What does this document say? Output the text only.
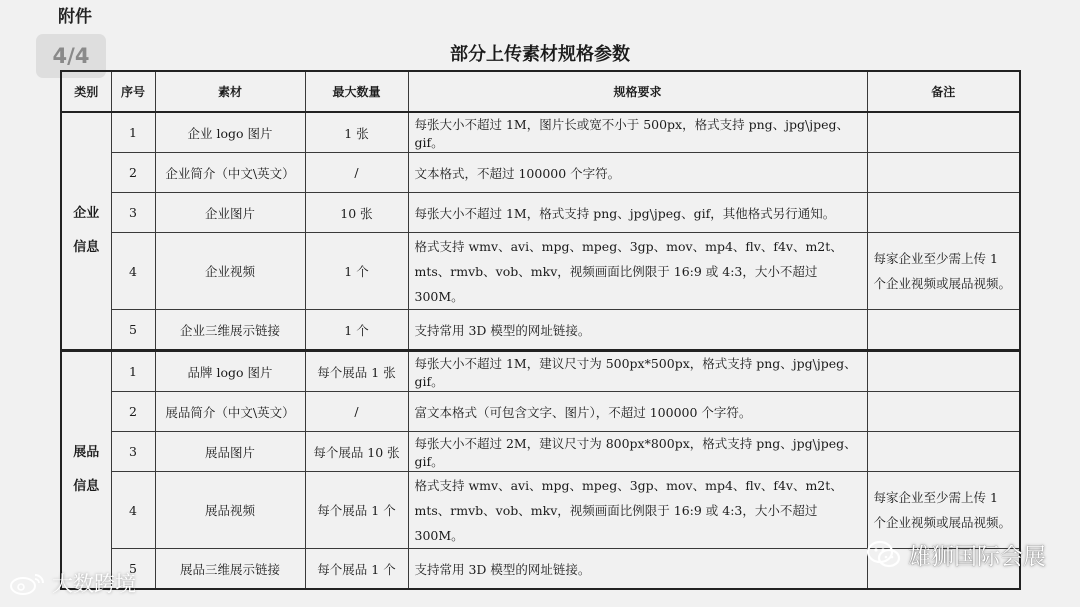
附件
4/4	部分上传素材规格参数
类别	序号	素材	最大数量	规格要求	备注

企业
信息	1	企业 logo 图片	1 张	每张大小不超过 1M，图片长或宽不小于 500px，格式支持 png、jpg\jpeg、gif。	
	2	企业简介（中文\英文）	/	文本格式，不超过 100000 个字符。	
	3	企业图片	10 张	每张大小不超过 1M，格式支持 png、jpg\jpeg、gif，其他格式另行通知。	
	4	企业视频	1 个	格式支持 wmv、avi、mpg、mpeg、3gp、mov、mp4、flv、f4v、m2t、mts、rmvb、vob、mkv，视频画面比例限于 16:9 或 4:3，大小不超过 300M。	每家企业至少需上传 1 个企业视频或展品视频。
	5	企业三维展示链接	1 个	支持常用 3D 模型的网址链接。	

展品
信息	1	品牌 logo 图片	每个展品 1 张	每张大小不超过 1M，建议尺寸为 500px*500px，格式支持 png、jpg\jpeg、gif。	
	2	展品简介（中文\英文）	/	富文本格式（可包含文字、图片），不超过 100000 个字符。	
	3	展品图片	每个展品 10 张	每张大小不超过 2M，建议尺寸为 800px*800px，格式支持 png、jpg\jpeg、gif。	
	4	展品视频	每个展品 1 个	格式支持 wmv、avi、mpg、mpeg、3gp、mov、mp4、flv、f4v、m2t、mts、rmvb、vob、mkv，视频画面比例限于 16:9 或 4:3，大小不超过 300M。	每家企业至少需上传 1 个企业视频或展品视频。
	5	展品三维展示链接	每个展品 1 个	支持常用 3D 模型的网址链接。		雄狮国际会展
大数跨境
